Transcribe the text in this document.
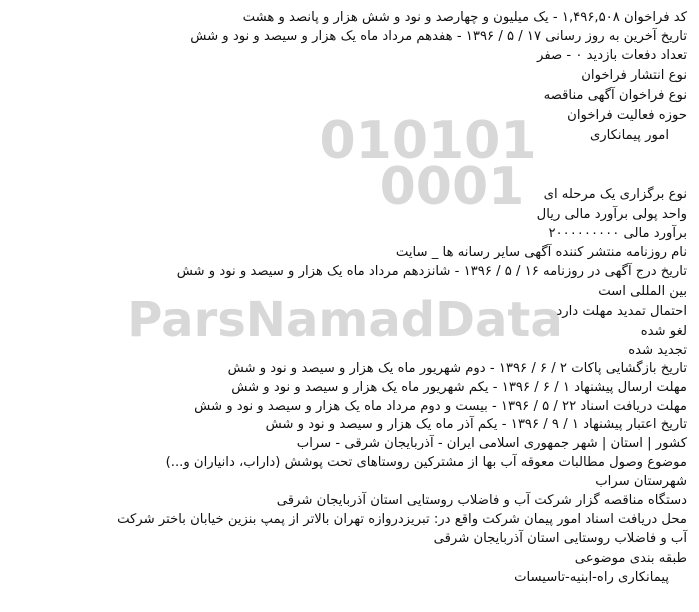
010101
0001
ParsNamadData
کد فراخوان ۱,۴۹۶,۵۰۸ - یک میلیون و چهارصد و نود و شش هزار و پانصد و هشت
تاریخ آخرین به روز رسانی ۱۷ / ۵ / ۱۳۹۶ - هفدهم مرداد ماه یک هزار و سیصد و نود و شش
تعداد دفعات بازدید ۰ - صفر
نوع انتشار فراخوان
نوع فراخوان آگهی مناقصه
حوزه فعالیت فراخوان
امور پیمانکاری
نوع برگزاری یک مرحله ای
واحد پولی برآورد مالی ریال
برآورد مالی ۲۰۰۰۰۰۰۰۰۰
نام روزنامه منتشر کننده آگهی سایر رسانه ها _ سایت
تاریخ درج آگهی در روزنامه ۱۶ / ۵ / ۱۳۹۶ - شانزدهم مرداد ماه یک هزار و سیصد و نود و شش
بین المللی است
احتمال تمدید مهلت دارد
لغو شده
تجدید شده
تاریخ بازگشایی پاکات ۲ / ۶ / ۱۳۹۶ - دوم شهریور ماه یک هزار و سیصد و نود و شش
مهلت ارسال پیشنهاد ۱ / ۶ / ۱۳۹۶ - یکم شهریور ماه یک هزار و سیصد و نود و شش
مهلت دریافت اسناد ۲۲ / ۵ / ۱۳۹۶ - بیست و دوم مرداد ماه یک هزار و سیصد و نود و شش
تاریخ اعتبار پیشنهاد ۱ / ۹ / ۱۳۹۶ - یکم آذر ماه یک هزار و سیصد و نود و شش
کشور | استان | شهر جمهوری اسلامی ایران - آذربایجان شرقی - سراب
موضوع وصول مطالبات معوقه آب بها از مشترکین روستاهای تحت پوشش (داراب، دانیاران و...)
شهرستان سراب
دستگاه مناقصه گزار شرکت آب و فاضلاب روستایی استان آذربایجان شرقی
محل دریافت اسناد امور پیمان شرکت واقع در: تبریزدروازه تهران بالاتر از پمپ بنزین خیابان باختر شرکت
آب و فاضلاب روستایی استان آذربایجان شرقی
طبقه بندی موضوعی
پیمانکاری راه-ابنیه-تاسیسات
